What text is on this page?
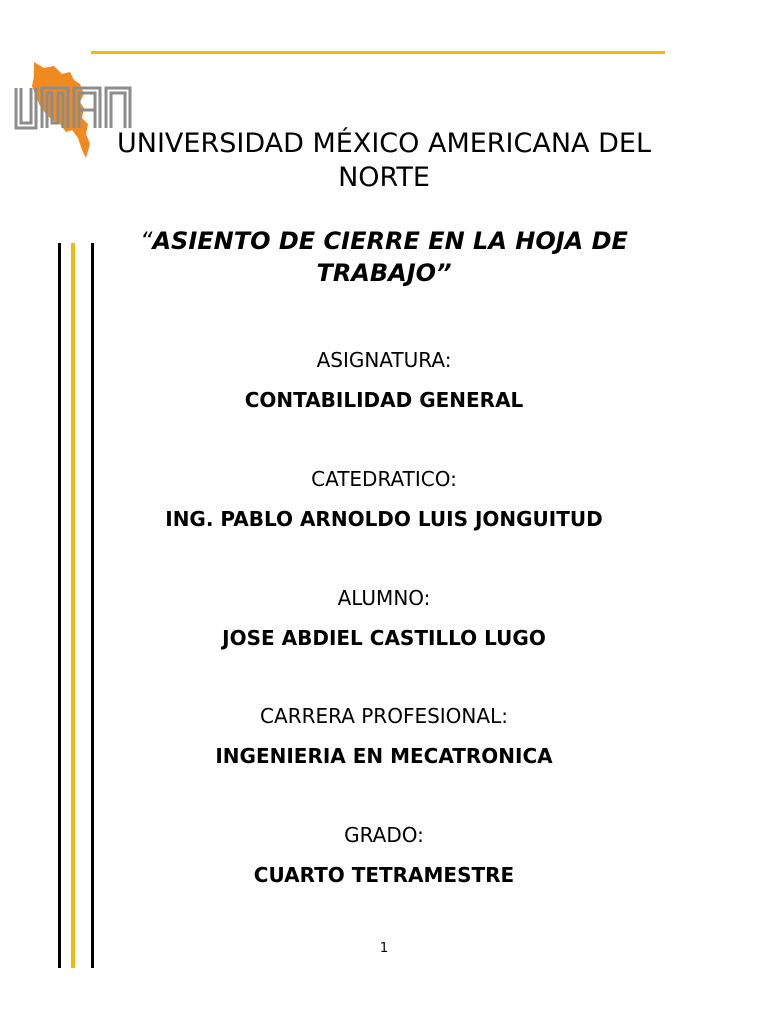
UMAN
UNIVERSIDAD MÉXICO AMERICANA DEL NORTE
“ASIENTO DE CIERRE EN LA HOJA DE TRABAJO”
ASIGNATURA:
CONTABILIDAD GENERAL
CATEDRATICO:
ING. PABLO ARNOLDO LUIS JONGUITUD
ALUMNO:
JOSE ABDIEL CASTILLO LUGO
CARRERA PROFESIONAL:
INGENIERIA EN MECATRONICA
GRADO:
CUARTO TETRAMESTRE
1
